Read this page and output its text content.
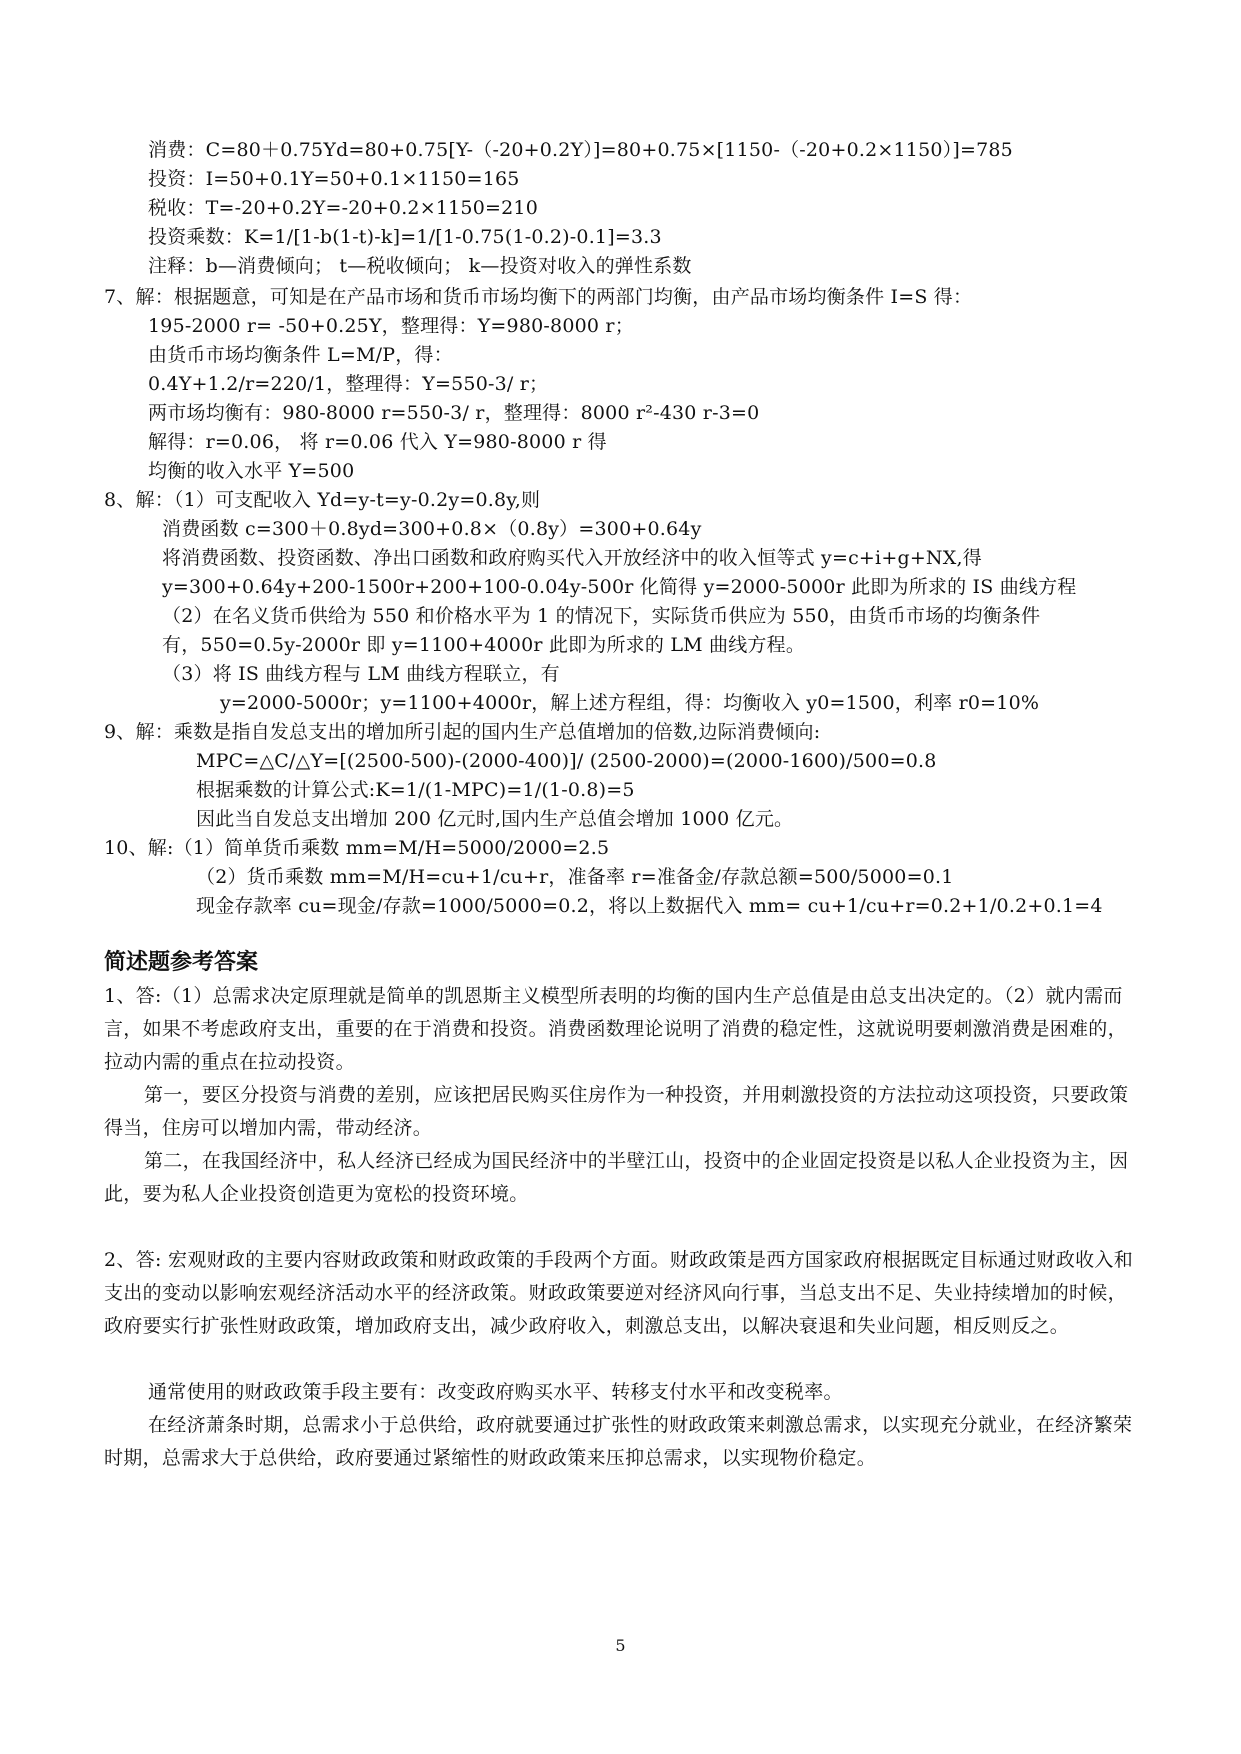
消费：C=80＋0.75Yd=80+0.75[Y-（-20+0.2Y）]=80+0.75×[1150-（-20+0.2×1150）]=785

投资：I=50+0.1Y=50+0.1×1150=165

税收：T=-20+0.2Y=-20+0.2×1150=210

投资乘数：K=1/[1-b(1-t)-k]=1/[1-0.75(1-0.2)-0.1]=3.3

注释：b—消费倾向； t—税收倾向； k—投资对收入的弹性系数

7、解：根据题意，可知是在产品市场和货币市场均衡下的两部门均衡，由产品市场均衡条件 I=S 得：

195-2000 r= -50+0.25Y，整理得：Y=980-8000 r；

由货币市场均衡条件 L=M/P，得：

0.4Y+1.2/r=220/1，整理得：Y=550-3/ r；

两市场均衡有：980-8000 r=550-3/ r，整理得：8000 r²-430 r-3=0

解得：r=0.06， 将 r=0.06 代入 Y=980-8000 r 得

均衡的收入水平 Y=500

8、解：（1）可支配收入 Yd=y-t=y-0.2y=0.8y,则

消费函数 c=300＋0.8yd=300+0.8×（0.8y）=300+0.64y

将消费函数、投资函数、净出口函数和政府购买代入开放经济中的收入恒等式 y=c+i+g+NX,得

y=300+0.64y+200-1500r+200+100-0.04y-500r 化简得 y=2000-5000r 此即为所求的 IS 曲线方程

（2）在名义货币供给为 550 和价格水平为 1 的情况下，实际货币供应为 550，由货币市场的均衡条件

有，550=0.5y-2000r 即 y=1100+4000r 此即为所求的 LM 曲线方程。

（3）将 IS 曲线方程与 LM 曲线方程联立，有

y=2000-5000r；y=1100+4000r，解上述方程组，得：均衡收入 y0=1500，利率 r0=10%

9、解：乘数是指自发总支出的增加所引起的国内生产总值增加的倍数,边际消费倾向:

MPC=△C/△Y=[(2500-500)-(2000-400)]/ (2500-2000)=(2000-1600)/500=0.8

根据乘数的计算公式:K=1/(1-MPC)=1/(1-0.8)=5

因此当自发总支出增加 200 亿元时,国内生产总值会增加 1000 亿元。

10、解:（1）简单货币乘数 mm=M/H=5000/2000=2.5

（2）货币乘数 mm=M/H=cu+1/cu+r，准备率 r=准备金/存款总额=500/5000=0.1

现金存款率 cu=现金/存款=1000/5000=0.2，将以上数据代入 mm= cu+1/cu+r=0.2+1/0.2+0.1=4

简述题参考答案

1、答:（1）总需求决定原理就是简单的凯恩斯主义模型所表明的均衡的国内生产总值是由总支出决定的。（2）就内需而言，如果不考虑政府支出，重要的在于消费和投资。消费函数理论说明了消费的稳定性，这就说明要刺激消费是困难的，拉动内需的重点在拉动投资。

第一，要区分投资与消费的差别，应该把居民购买住房作为一种投资，并用刺激投资的方法拉动这项投资，只要政策得当，住房可以增加内需，带动经济。

第二，在我国经济中，私人经济已经成为国民经济中的半壁江山，投资中的企业固定投资是以私人企业投资为主，因此，要为私人企业投资创造更为宽松的投资环境。

2、答: 宏观财政的主要内容财政政策和财政政策的手段两个方面。财政政策是西方国家政府根据既定目标通过财政收入和支出的变动以影响宏观经济活动水平的经济政策。财政政策要逆对经济风向行事，当总支出不足、失业持续增加的时候，政府要实行扩张性财政政策，增加政府支出，减少政府收入，刺激总支出，以解决衰退和失业问题，相反则反之。

通常使用的财政政策手段主要有：改变政府购买水平、转移支付水平和改变税率。

在经济萧条时期，总需求小于总供给，政府就要通过扩张性的财政政策来刺激总需求，以实现充分就业，在经济繁荣时期，总需求大于总供给，政府要通过紧缩性的财政政策来压抑总需求，以实现物价稳定。

5
